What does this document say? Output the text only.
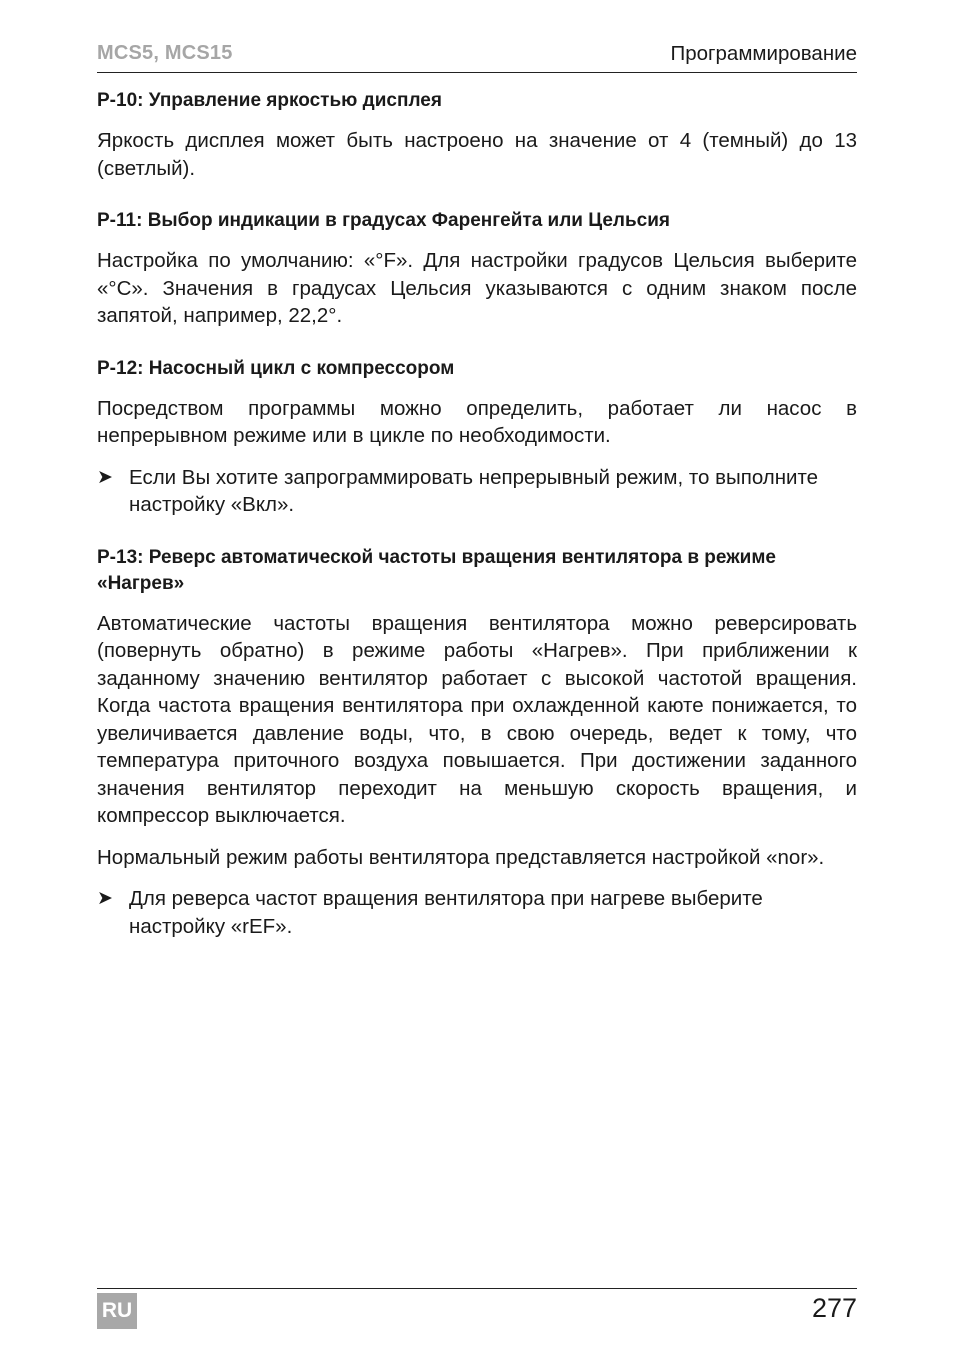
MCS5, MCS15	Программирование
P-10: Управление яркостью дисплея

Яркость дисплея может быть настроено на значение от 4 (темный) до 13 (светлый).

P-11: Выбор индикации в градусах Фаренгейта или Цельсия

Настройка по умолчанию: «°F». Для настройки градусов Цельсия выберите «°C». Значения в градусах Цельсия указываются с одним знаком после запятой, например, 22,2°.

P-12: Насосный цикл с компрессором

Посредством программы можно определить, работает ли насос в непрерывном режиме или в цикле по необходимости.

➤ Если Вы хотите запрограммировать непрерывный режим, то выполните настройку «Вкл».
P-13: Реверс автоматической частоты вращения вентилятора в режиме «Нагрев»

Автоматические частоты вращения вентилятора можно реверсировать (повернуть обратно) в режиме работы «Нагрев». При приближении к заданному значению вентилятор работает с высокой частотой вращения. Когда частота вращения вентилятора при охлажденной каюте понижается, то увеличивается давление воды, что, в свою очередь, ведет к тому, что температура приточного воздуха повышается. При достижении заданного значения вентилятор переходит на меньшую скорость вращения, и компрессор выключается.

Нормальный режим работы вентилятора представляется настройкой «nor».

➤ Для реверса частот вращения вентилятора при нагреве выберите настройку «rEF».
RU	277
